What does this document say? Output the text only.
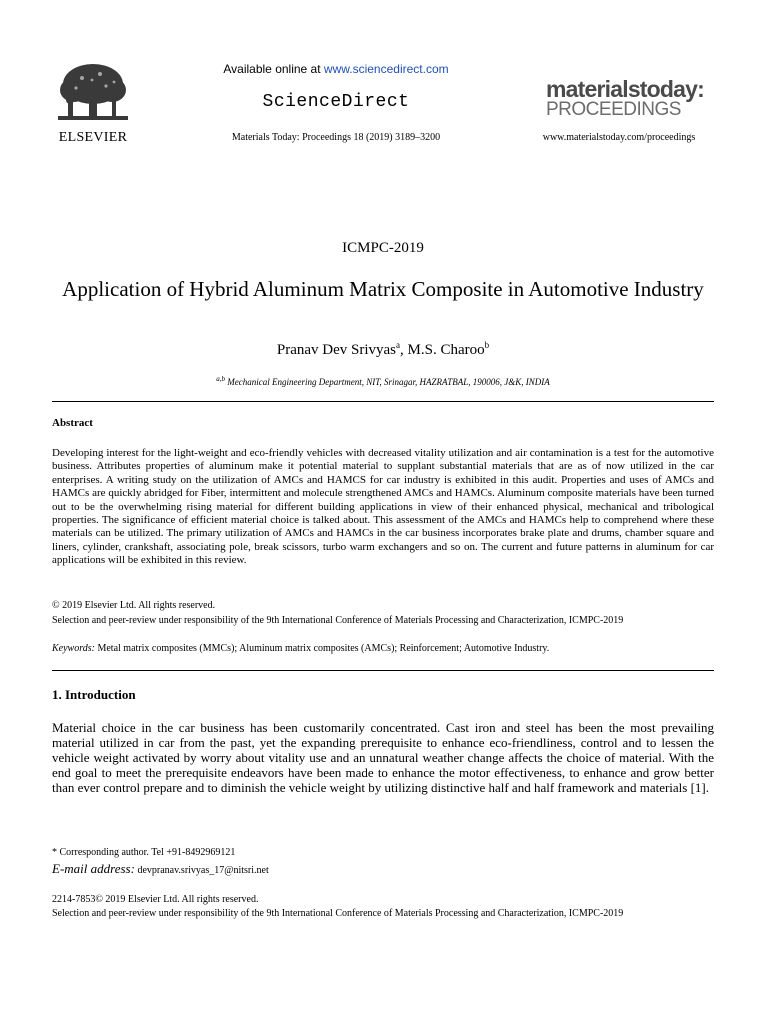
ELSEVIER
Available online at www.sciencedirect.com
ScienceDirect
Materials Today: Proceedings 18 (2019) 3189–3200
materialstoday:
PROCEEDINGS
www.materialstoday.com/proceedings
ICMPC-2019
Application of Hybrid Aluminum Matrix Composite in Automotive Industry
Pranav Dev Srivyas$^a$, M.S. Charoo$^b$
$^{a,b}$ Mechanical Engineering Department, NIT, Srinagar, HAZRATBAL, 190006, J&K, INDIA
Abstract
Developing interest for the light-weight and eco-friendly vehicles with decreased vitality utilization and air contamination is a test for the automotive business. Attributes properties of aluminum make it potential material to supplant substantial materials that are as of now utilized in the car enterprises. A writing study on the utilization of AMCs and HAMCS for car industry is exhibited in this audit. Properties and uses of AMCs and HAMCs are quickly abridged for Fiber, intermittent and molecule strengthened AMCs and HAMCs. Aluminum composite materials have been turned out to be the overwhelming rising material for different building applications in view of their enhanced physical, mechanical and tribological properties. The significance of efficient material choice is talked about. This assessment of the AMCs and HAMCs help to comprehend where these materials can be utilized. The primary utilization of AMCs and HAMCs in the car business incorporates brake plate and drums, chamber square and liners, cylinder, crankshaft, associating pole, break scissors, turbo warm exchangers and so on. The current and future patterns in aluminum for car applications will be exhibited in this review.
© 2019 Elsevier Ltd. All rights reserved.
Selection and peer-review under responsibility of the 9th International Conference of Materials Processing and Characterization, ICMPC-2019
Keywords: Metal matrix composites (MMCs); Aluminum matrix composites (AMCs); Reinforcement; Automotive Industry.
1. Introduction
Material choice in the car business has been customarily concentrated. Cast iron and steel has been the most prevailing material utilized in car from the past, yet the expanding prerequisite to enhance eco-friendliness, control and to lessen the vehicle weight activated by worry about vitality use and an unnatural weather change affects the choice of material. With the end goal to meet the prerequisite endeavors have been made to enhance the motor effectiveness, to enhance and grow better than ever control prepare and to diminish the vehicle weight by utilizing distinctive half and half framework and materials [1].
* Corresponding author. Tel +91-8492969121
E-mail address: devpranav.srivyas_17@nitsri.net
2214-7853© 2019 Elsevier Ltd. All rights reserved.
Selection and peer-review under responsibility of the 9th International Conference of Materials Processing and Characterization, ICMPC-2019
